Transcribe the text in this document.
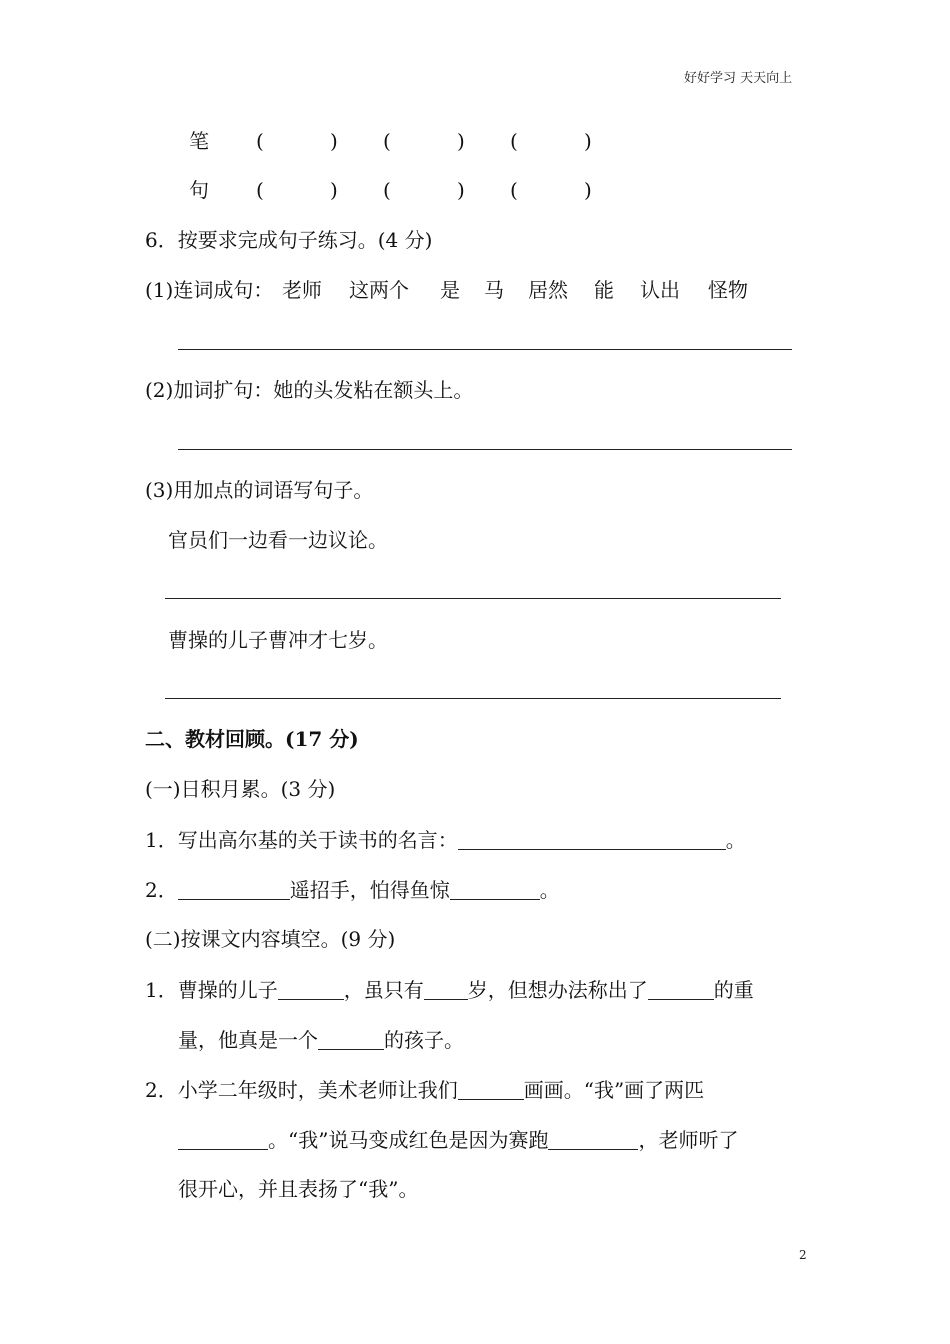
好好学习 天天向上
笔 (	) (	) (	)
句 (	) (	) (	)
6．按要求完成句子练习。(4 分)
(1)连词成句： 老师 这两个 是 马 居然 能 认出 怪物
(2)加词扩句：她的头发粘在额头上。
(3)用加点的词语写句子。
官员们一边看一边议论。
曹操的儿子曹冲才七岁。
二、教材回顾。(17 分)
(一)日积月累。(3 分)
1．写出高尔基的关于读书的名言：	。
2．	遥招手，怕得鱼惊	。
(二)按课文内容填空。(9 分)
1．曹操的儿子	，虽只有 岁，但想办法称出了	的重
量，他真是一个	的孩子。
2．小学二年级时，美术老师让我们	画画。“我”画了两匹
。“我”说马变成红色是因为赛跑	，老师听了
很开心，并且表扬了“我”。
2
